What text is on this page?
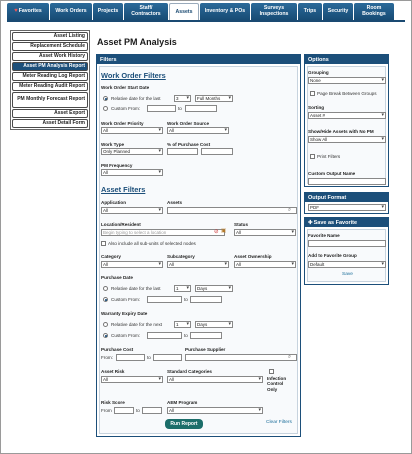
♥ Favorites	Work Orders	Projects	Staff/ Contractors	Assets	Inventory & POs	Surveys Inspections	Trips	Security	Room Bookings
Asset Listing
Replacement Schedule
Asset Work History
Asset PM Analysis Report
Meter Reading Log Report
Meter Reading Audit Report
PM Monthly Forecast Report
Asset Export
Asset Detail Form
Asset PM Analysis
Filters
Work Order Filters
Work Order Start Date
Relative date for the last	3 ▾	Full Months ▾
Custom From:	to
Work Order Priority
All ▾
Work Order Source
All ▾
Work Type
Only Planned ▾
% of Purchase Cost
PM Frequency
All ▾
Asset Filters
Application
All ▾
Assets
⌕
Location/Resident
Begin typing to select a location	⊘ ▣
Status
All ▾
Also include all sub-units of selected nodes
Category
All ▾
Subcategory
All ▾
Asset Ownership
All ▾
Purchase Date
Relative date for the last	1 ▾	Days ▾
Custom From:	to
Warranty Expiry Date
Relative date for the next	1 ▾	Days ▾
Custom From:	to
Purchase Cost
From:	to
Purchase Supplier
⌕
Asset Risk
All ▾
Standard Categories
All ▾	Infection Control Only
Risk Score
From	to
AEM Program
All ▾
Run Report	Clear Filters
Options
Grouping
None ▾
Page Break Between Groups
Sorting
Asset # ▾
Show/Hide Assets with No PM
Show All ▾
Print Filters
Custom Output Name
Output Format
PDF ▾
✚Save as Favorite
Favorite Name
Add to Favorite Group
Default ▾
Save
